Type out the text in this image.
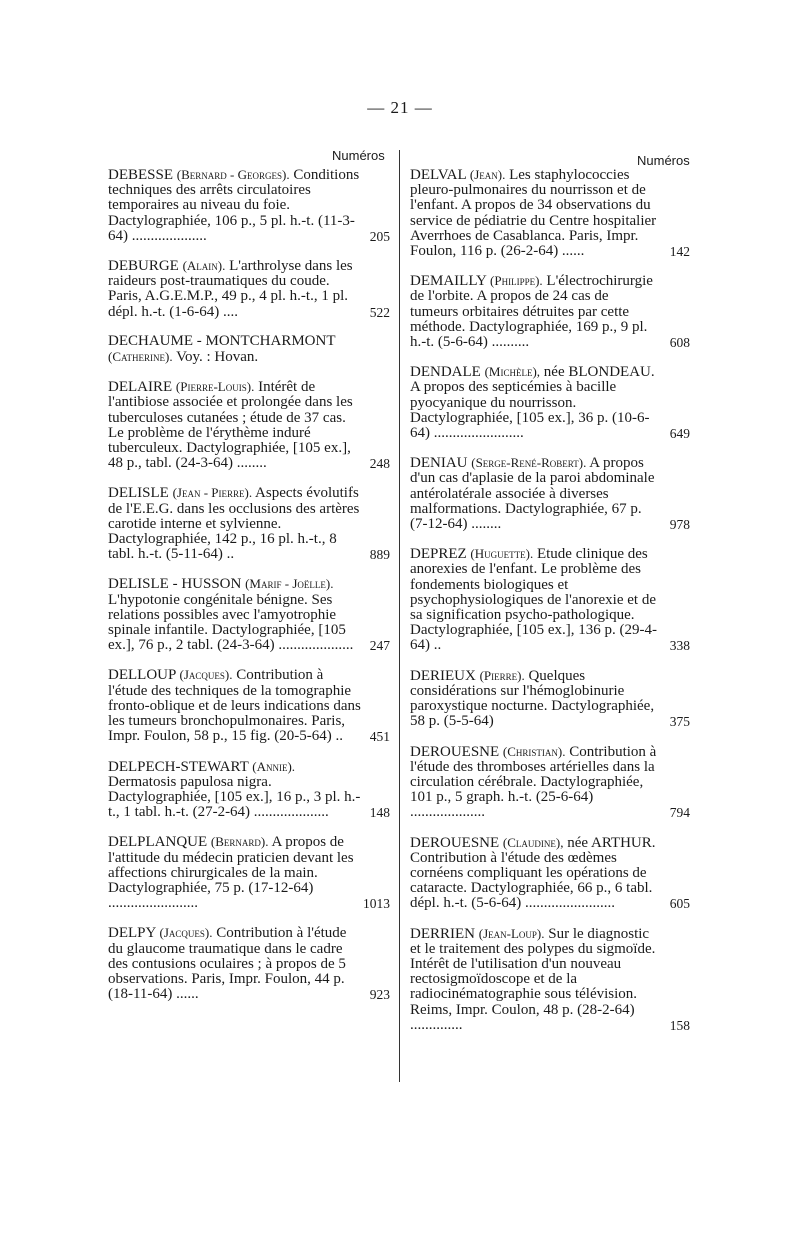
— 21 —
Numéros	Numéros
DEBESSE (Bernard - Georges). Conditions techniques des arrêts circulatoires temporaires au niveau du foie. Dactylographiée, 106 p., 5 pl. h.-t. (11-3-64) ....................	205
DEBURGE (Alain). L'arthrolyse dans les raideurs post-traumatiques du coude. Paris, A.G.E.M.P., 49 p., 4 pl. h.-t., 1 pl. dépl. h.-t. (1-6-64) ....	522
DECHAUME - MONTCHARMONT (Catherine). Voy. : Hovan.
DELAIRE (Pierre-Louis). Intérêt de l'antibiose associée et prolongée dans les tuberculoses cutanées ; étude de 37 cas. Le problème de l'érythème induré tuberculeux. Dactylographiée, [105 ex.], 48 p., tabl. (24-3-64) ........	248
DELISLE (Jean - Pierre). Aspects évolutifs de l'E.E.G. dans les occlusions des artères carotide interne et sylvienne. Dactylographiée, 142 p., 16 pl. h.-t., 8 tabl. h.-t. (5-11-64) ..	889
DELISLE - HUSSON (Marif - Joëlle). L'hypotonie congénitale bénigne. Ses relations possibles avec l'amyotrophie spinale infantile. Dactylographiée, [105 ex.], 76 p., 2 tabl. (24-3-64) ....................	247
DELLOUP (Jacques). Contribution à l'étude des techniques de la tomographie fronto-oblique et de leurs indications dans les tumeurs bronchopulmonaires. Paris, Impr. Foulon, 58 p., 15 fig. (20-5-64) ..	451
DELPECH-STEWART (Annie). Dermatosis papulosa nigra. Dactylographiée, [105 ex.], 16 p., 3 pl. h.-t., 1 tabl. h.-t. (27-2-64) ....................	148
DELPLANQUE (Bernard). A propos de l'attitude du médecin praticien devant les affections chirurgicales de la main. Dactylographiée, 75 p. (17-12-64) ........................	1013
DELPY (Jacques). Contribution à l'étude du glaucome traumatique dans le cadre des contusions oculaires ; à propos de 5 observations. Paris, Impr. Foulon, 44 p. (18-11-64) ......	923
DELVAL (Jean). Les staphylococcies pleuro-pulmonaires du nourrisson et de l'enfant. A propos de 34 observations du service de pédiatrie du Centre hospitalier Averrhoes de Casablanca. Paris, Impr. Foulon, 116 p. (26-2-64) ......	142
DEMAILLY (Philippe). L'électrochirurgie de l'orbite. A propos de 24 cas de tumeurs orbitaires détruites par cette méthode. Dactylographiée, 169 p., 9 pl. h.-t. (5-6-64) ..........	608
DENDALE (Michèle), née BLONDEAU. A propos des septicémies à bacille pyocyanique du nourrisson. Dactylographiée, [105 ex.], 36 p. (10-6-64) ........................	649
DENIAU (Serge-René-Robert). A propos d'un cas d'aplasie de la paroi abdominale antérolatérale associée à diverses malformations. Dactylographiée, 67 p. (7-12-64) ........	978
DEPREZ (Huguette). Etude clinique des anorexies de l'enfant. Le problème des fondements biologiques et psychophysiologiques de l'anorexie et de sa signification psycho-pathologique. Dactylographiée, [105 ex.], 136 p. (29-4-64) ..	338
DERIEUX (Pierre). Quelques considérations sur l'hémoglobinurie paroxystique nocturne. Dactylographiée, 58 p. (5-5-64)	375
DEROUESNE (Christian). Contribution à l'étude des thromboses artérielles dans la circulation cérébrale. Dactylographiée, 101 p., 5 graph. h.-t. (25-6-64) ....................	794
DEROUESNE (Claudine), née ARTHUR. Contribution à l'étude des œdèmes cornéens compliquant les opérations de cataracte. Dactylographiée, 66 p., 6 tabl. dépl. h.-t. (5-6-64) ........................	605
DERRIEN (Jean-Loup). Sur le diagnostic et le traitement des polypes du sigmoïde. Intérêt de l'utilisation d'un nouveau rectosigmoïdoscope et de la radiocinématographie sous télévision. Reims, Impr. Coulon, 48 p. (28-2-64) ..............	158
